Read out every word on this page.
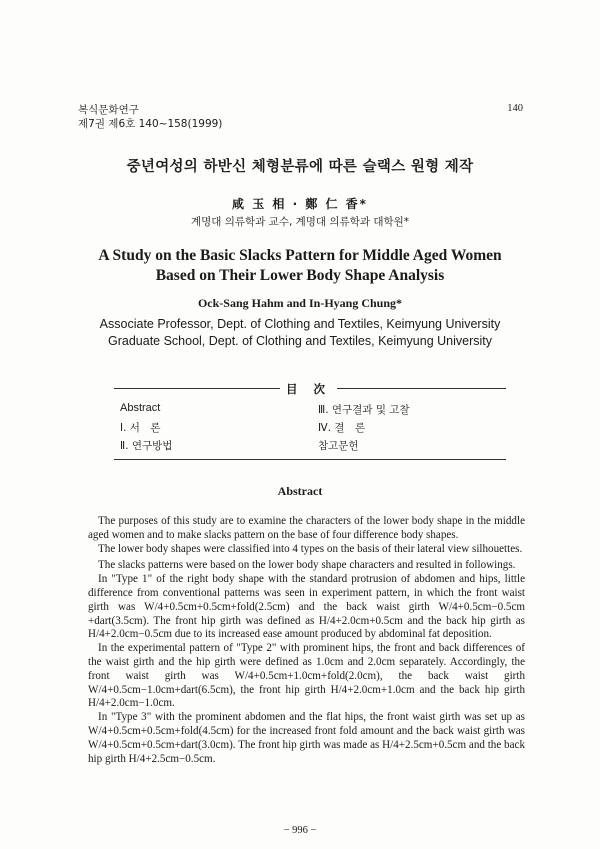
복식문화연구
제7권 제6호 140~158(1999)
140
중년여성의 하반신 체형분류에 따른 슬랙스 원형 제작
咸 玉 相 · 鄭 仁 香*
계명대 의류학과 교수, 계명대 의류학과 대학원*
A Study on the Basic Slacks Pattern for Middle Aged Women
Based on Their Lower Body Shape Analysis
Ock-Sang Hahm and In-Hyang Chung*
Associate Professor, Dept. of Clothing and Textiles, Keimyung University
Graduate School, Dept. of Clothing and Textiles, Keimyung University
目 次
Abstract
Ⅰ. 서　론
Ⅱ. 연구방법
Ⅲ. 연구결과 및 고찰
Ⅳ. 결　론
참고문헌
Abstract

The purposes of this study are to examine the characters of the lower body shape in the middle aged women and to make slacks pattern on the base of four difference body shapes.

The lower body shapes were classified into 4 types on the basis of their lateral view silhouettes.

The slacks patterns were based on the lower body shape characters and resulted in followings.

In "Type 1" of the right body shape with the standard protrusion of abdomen and hips, little difference from conventional patterns was seen in experiment pattern, in which the front waist girth was W/4+0.5cm+0.5cm+fold(2.5cm) and the back waist girth W/4+0.5cm−0.5cm +dart(3.5cm). The front hip girth was defined as H/4+2.0cm+0.5cm and the back hip girth as H/4+2.0cm−0.5cm due to its increased ease amount produced by abdominal fat deposition.

In the experimental pattern of "Type 2" with prominent hips, the front and back differences of the waist girth and the hip girth were defined as 1.0cm and 2.0cm separately. Accordingly, the front waist girth was W/4+0.5cm+1.0cm+fold(2.0cm), the back waist girth W/4+0.5cm−1.0cm+dart(6.5cm), the front hip girth H/4+2.0cm+1.0cm and the back hip girth H/4+2.0cm−1.0cm.

In "Type 3" with the prominent abdomen and the flat hips, the front waist girth was set up as W/4+0.5cm+0.5cm+fold(4.5cm) for the increased front fold amount and the back waist girth was W/4+0.5cm+0.5cm+dart(3.0cm). The front hip girth was made as H/4+2.5cm+0.5cm and the back hip girth H/4+2.5cm−0.5cm.

− 996 −
